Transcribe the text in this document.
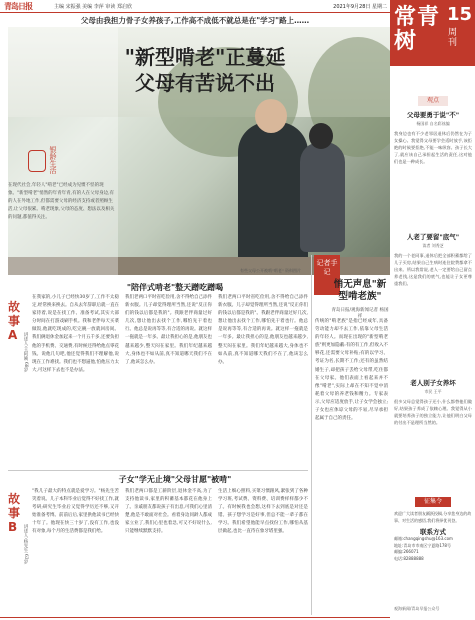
青岛日报	主编 宋振强 美编 李萍 审读 郑启欣	2021年9月28日 星期二 常青树
15
周刊
父母由我担力骨子女养孩子,工作高不成低不就总是在"学习"路上……
"新型啃老"正蔓延
父母有苦说不出
银龄生活
在现代社会,年轻人"啃老"已经成为见惯不怪的现象。"新型啃老"悄然的年青年青,有的人在父母身边,有的人在外地工作,但都需要父母的经济支持或者照顾生活,让父母很累。啃老现象,父母的态度、想法以及相关的问题,都值得关注。
有些父母公开被啃"啃老" 资料图片
"陪伴式啃老"整天蹭吃蹭喝
故事A	讲述人:王阿姨 68岁
在我家的,小儿子已经快30岁了,工作不太稳定,经常换来换去。自从去年辞职后就一直在家待着,说是在找工作、准备考试,其实大部分时间在打游戏刷手机。我和老伴每天买菜做饭,他就吃现成的,吃完碗一放就回房间。我们俩退休金加起来一个月五千多,还要负担他的手机费、交通费,有时候还得给他点零花钱。说他几句吧,他还觉得我们不理解他,说现在工作难找。我们也不想逼他,怕他压力太大,可这样下去也不是办法。
我们老两口平时省吃俭用,舍不得给自己添件新衣服。儿子却觉得理所当然,还说"反正你们的钱以后都是我的"。我跟老伴商量过好几次,想让他出去找个工作,哪怕先干着也行。他总是说再等等,有合适的再说。就这样一拖就是一年多。最让我担心的是,他朋友也越来越少,整天闷在家里。我们年纪越来越大,身体也不如从前,真不知道哪天我们不在了,他该怎么办。
子女"学无止境"父母甘愿"被啃"
故事B	讲述人:杨先生 63岁
"我儿子最大的特点就是爱学习。"杨先生苦笑着说。儿子本科毕业后觉得不好找工作,就考研;研究生毕业后又觉得学历还不够,又开始准备考博。前前后后,家里供他读书已经快十年了。他现在快三十岁了,没有工作,也没有对象,每个月的生活费都是我们给。
我们老两口都是工薪阶层,退休金不高,为了支持他读书,家里的积蓄基本都花在他身上了。亲戚朋友都说孩子有出息,可我们心里清楚,他是不敢面对社会。看着身边同龄人都成家立业了,我们心里也着急,可又不好说什么,只能继续默默支持。
生活上细心照料,买菜习惯跟风,紧张到了各种学习班,考试费、资料费、培训费样样都少不了。有时候我也会想,这样下去到底是对还是错。孩子想学习是好事,但总不能一辈子都在学习。我们希望他能早点找份工作,哪怕从基层做起,也比一直待在象牙塔里强。
我们老两口平时省吃俭用,舍不得给自己添件新衣服。儿子却觉得理所当然,还说"反正你们的钱以后都是我的"。我跟老伴商量过好几次,想让他出去找个工作,哪怕先干着也行。他总是说再等等,有合适的再说。就这样一拖就是一年多。最让我担心的是,他朋友也越来越少,整天闷在家里。我们年纪越来越大,身体也不如从前,真不知道哪天我们不在了,他该怎么办。
记者手记
悄无声息"新型啃老族"
青岛日报/观海新闻记者 杨国祥
传统的"啃老族"是指已经成年,具备劳动能力却不去工作,依靠父母生活的年轻人。而现在出现的"新型啃老族"则更加隐蔽:有的有工作,但收入不够花,还需要父母补贴;有的以学习、考证为名,长期不工作;还有的虽然结婚生子,却把孩子丢给父母带,吃住都在父母家。他们表面上看起来并不像"啃老",实际上却在不知不觉中消耗着父母的养老钱和精力。专家表示,父母应适度放手,让子女学会独立;子女也应体谅父母的不易,尽早承担起属于自己的责任。
观点
父母要勇于说"不"
杨国祥 自名彩丝编
我身边也有不少老邻居退休后仍然在为子女操心。我觉得父母要学会适时放手,该拒绝的时候要拒绝,不能一味纵容。孩子长大了,就应该自己承担起生活的责任,这对他们也是一种成长。
人老了要留"底气"
读者 刘秀芝
我的一个老同事,退休后把全部积蓄都给了儿子买房,结果自己生病时连住院费都拿不出来。所以我常说,老人一定要给自己留点养老钱,这是我们的底气,也能让子女更尊重我们。
老人别子女养坏
市民 王平
很多父母总觉得孩子还小,什么都替他们做好,结果孩子养成了依赖心理。我觉得从小就要培养孩子的独立能力,让他们明白父母的付出不是理所当然的。
征集令
欢迎广大读者朋友踊跃投稿,分享您身边的故事、对生活的感悟,我们将择优刊登。
联系方式
邮箱:changqingshu@163.com
地址:青岛市市南区宁夏路178号
邮编:266071
电话:82888888
观海新闻/青岛早报公众号
